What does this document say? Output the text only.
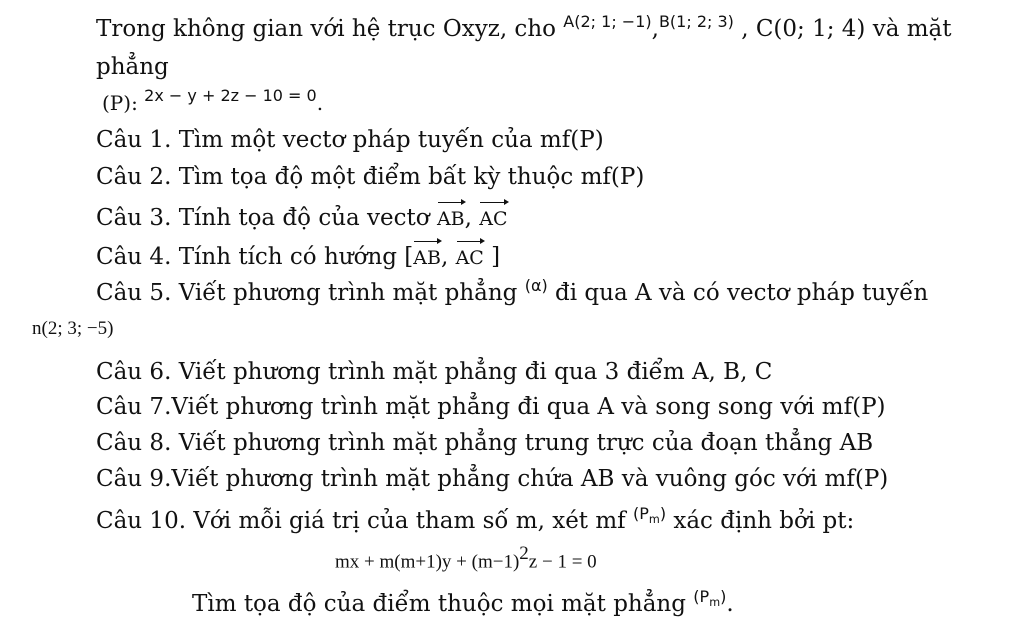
Trong không gian với hệ trục Oxyz, cho $^{A(2; 1; -1)}$,$^{B(1; 2; 3)}$ , C(0; 1; 4) và mặt
phẳng
(P): $^{2x - y + 2z - 10 = 0}$.
Câu 1. Tìm một vectơ pháp tuyến của mf(P)
Câu 2. Tìm tọa độ một điểm bất kỳ thuộc mf(P)
Câu 3. Tính tọa độ của vectơ AB, AC
Câu 4. Tính tích có hướng [AB, AC ]
Câu 5. Viết phương trình mặt phẳng $^{(\alpha)}$ đi qua A và có vectơ pháp tuyến
n(2; 3; −5)
Câu 6. Viết phương trình mặt phẳng đi qua 3 điểm A, B, C
Câu 7.Viết phương trình mặt phẳng đi qua A và song song với mf(P)
Câu 8. Viết phương trình mặt phẳng trung trực của đoạn thẳng AB
Câu 9.Viết phương trình mặt phẳng chứa AB và vuông góc với mf(P)
Câu 10. Với mỗi giá trị của tham số m, xét mf $^{(P_m)}$ xác định bởi pt:
mx + $m(m+1)y + (m-1)^2z - 1 = 0$
Tìm tọa độ của điểm thuộc mọi mặt phẳng $^{(P_m)}$.
